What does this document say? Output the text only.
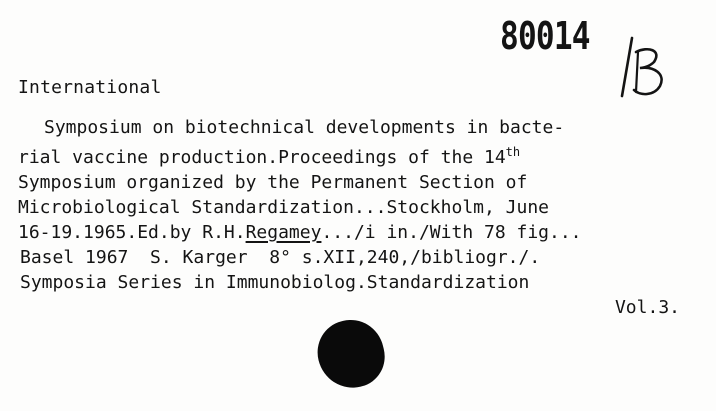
80014
International
Symposium on biotechnical developments in bacte-
rial vaccine production.Proceedings of the 14th
Symposium organized by the Permanent Section of
Microbiological Standardization...Stockholm, June
16-19.1965.Ed.by R.H.Regamey.../i in./With 78 fig...
Basel 1967  S. Karger  8° s.XII,240,/bibliogr./.
Symposia Series in Immunobiolog.Standardization
Vol.3.
